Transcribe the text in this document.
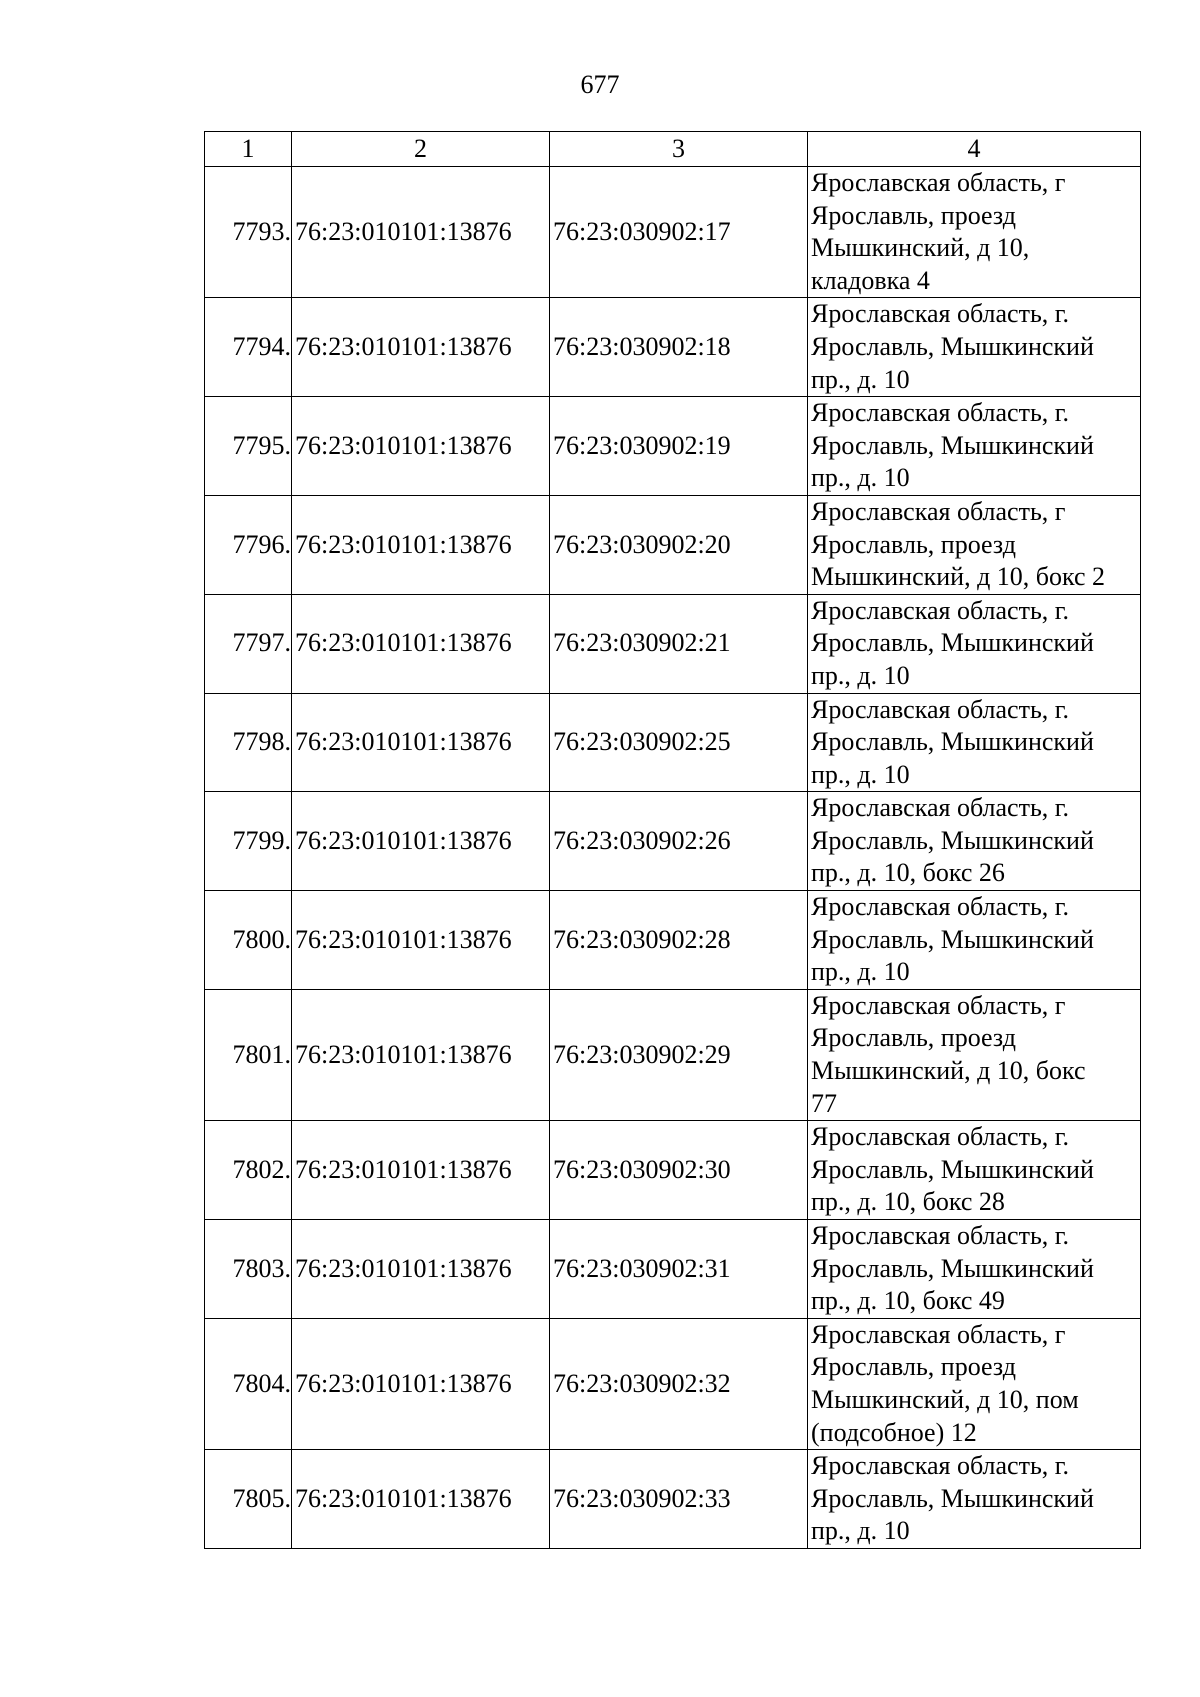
677
1	2	3	4
7793.	76:23:010101:13876	76:23:030902:17	Ярославская область, г
Ярославль, проезд
Мышкинский, д 10,
кладовка 4
7794.	76:23:010101:13876	76:23:030902:18	Ярославская область, г.
Ярославль, Мышкинский
пр., д. 10
7795.	76:23:010101:13876	76:23:030902:19	Ярославская область, г.
Ярославль, Мышкинский
пр., д. 10
7796.	76:23:010101:13876	76:23:030902:20	Ярославская область, г
Ярославль, проезд
Мышкинский, д 10, бокс 2
7797.	76:23:010101:13876	76:23:030902:21	Ярославская область, г.
Ярославль, Мышкинский
пр., д. 10
7798.	76:23:010101:13876	76:23:030902:25	Ярославская область, г.
Ярославль, Мышкинский
пр., д. 10
7799.	76:23:010101:13876	76:23:030902:26	Ярославская область, г.
Ярославль, Мышкинский
пр., д. 10, бокс 26
7800.	76:23:010101:13876	76:23:030902:28	Ярославская область, г.
Ярославль, Мышкинский
пр., д. 10
7801.	76:23:010101:13876	76:23:030902:29	Ярославская область, г
Ярославль, проезд
Мышкинский, д 10, бокс
77
7802.	76:23:010101:13876	76:23:030902:30	Ярославская область, г.
Ярославль, Мышкинский
пр., д. 10, бокс 28
7803.	76:23:010101:13876	76:23:030902:31	Ярославская область, г.
Ярославль, Мышкинский
пр., д. 10, бокс 49
7804.	76:23:010101:13876	76:23:030902:32	Ярославская область, г
Ярославль, проезд
Мышкинский, д 10, пом
(подсобное) 12
7805.	76:23:010101:13876	76:23:030902:33	Ярославская область, г.
Ярославль, Мышкинский
пр., д. 10
